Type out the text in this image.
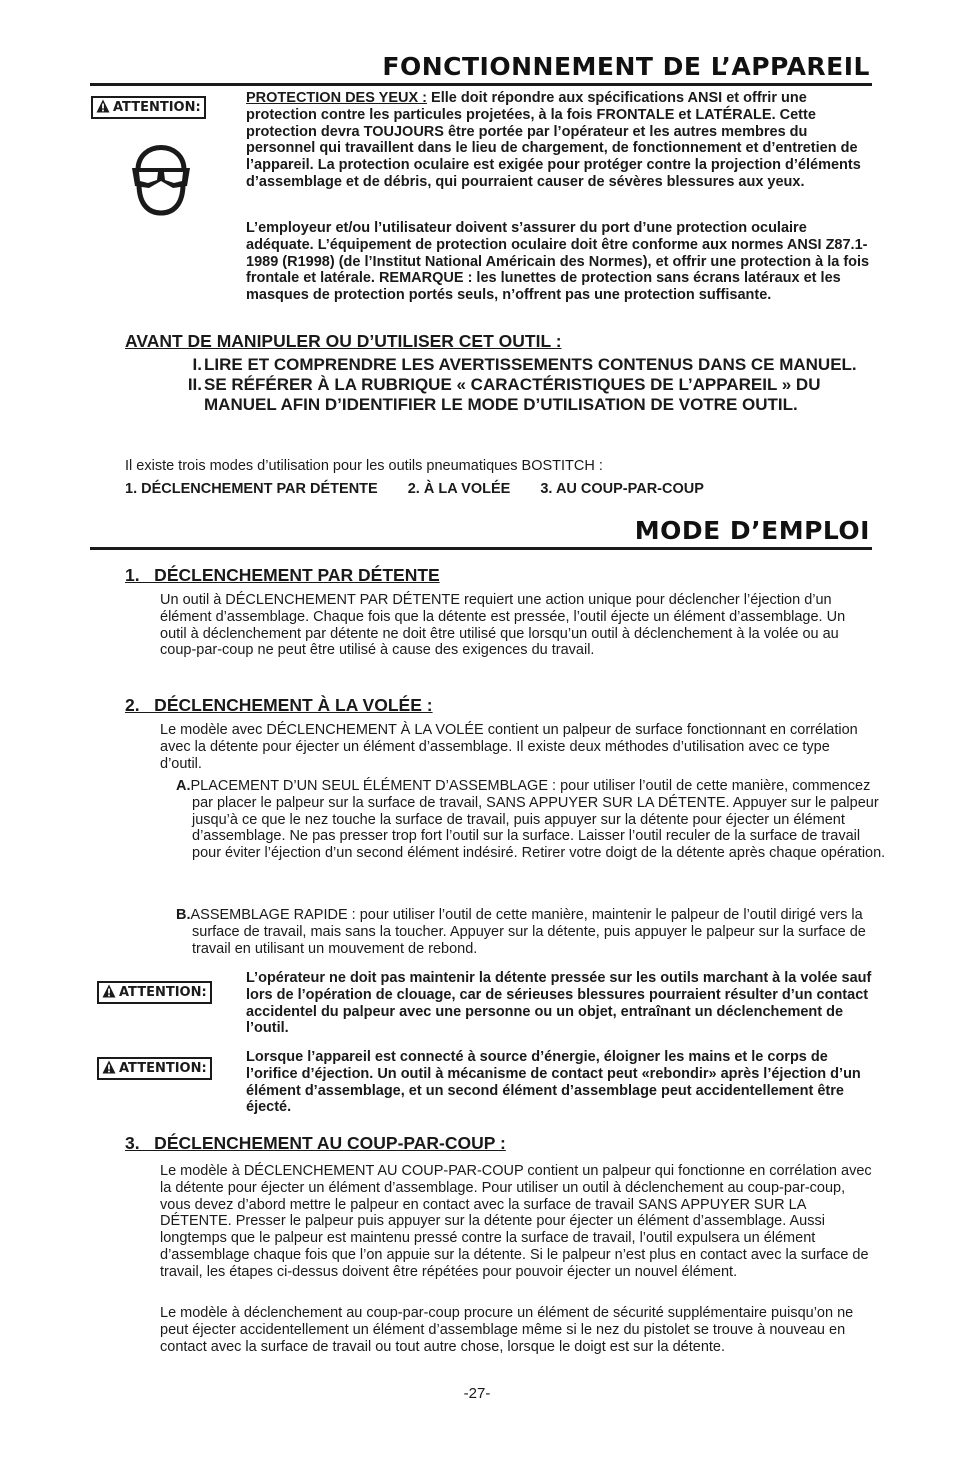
FONCTIONNEMENT DE L’APPAREIL
ATTENTION:

PROTECTION DES YEUX : Elle doit répondre aux spécifications ANSI et offrir une protection contre les particules projetées, à la fois FRONTALE et LATÉRALE. Cette protection devra TOUJOURS être portée par l’opérateur et les autres membres du personnel qui travaillent dans le lieu de chargement, de fonctionnement et d’entretien de l’appareil. La protection oculaire est exigée pour protéger contre la projection d’éléments d’assemblage et de débris, qui pourraient causer de sévères blessures aux yeux.

L’employeur et/ou l’utilisateur doivent s’assurer du port d’une protection oculaire adéquate. L’équipement de protection oculaire doit être conforme aux normes ANSI Z87.1-1989 (R1998) (de l’Institut National Américain des Normes), et offrir une protection à la fois frontale et latérale. REMARQUE : les lunettes de protection sans écrans latéraux et les masques de protection portés seuls, n’offrent pas une protection suffisante.

AVANT DE MANIPULER OU D’UTILISER CET OUTIL :

I. LIRE ET COMPRENDRE LES AVERTISSEMENTS CONTENUS DANS CE MANUEL.
II. SE RÉFÉRER À LA RUBRIQUE « CARACTÉRISTIQUES DE L’APPAREIL » DU MANUEL AFIN D’IDENTIFIER LE MODE D’UTILISATION DE VOTRE OUTIL.

Il existe trois modes d’utilisation pour les outils pneumatiques BOSTITCH :

1. DÉCLENCHEMENT PAR DÉTENTE 2. À LA VOLÉE 3. AU COUP-PAR-COUP
MODE D’EMPLOI

1.   DÉCLENCHEMENT PAR DÉTENTE

Un outil à DÉCLENCHEMENT PAR DÉTENTE requiert une action unique pour déclencher l’éjection d’un élément d’assemblage. Chaque fois que la détente est pressée, l’outil éjecte un élément d’assemblage. Un outil à déclenchement par détente ne doit être utilisé que lorsqu’un outil à déclenchement à la volée ou au coup-par-coup ne peut être utilisé à cause des exigences du travail.

2.   DÉCLENCHEMENT À LA VOLÉE :

Le modèle avec DÉCLENCHEMENT À LA VOLÉE contient un palpeur de surface fonctionnant en corrélation avec la détente pour éjecter un élément d’assemblage. Il existe deux méthodes d’utilisation avec ce type d’outil.

A.PLACEMENT D’UN SEUL ÉLÉMENT D’ASSEMBLAGE : pour utiliser l’outil de cette manière, commencez par placer le palpeur sur la surface de travail, SANS APPUYER SUR LA DÉTENTE. Appuyer sur le palpeur jusqu’à ce que le nez touche la surface de travail, puis appuyer sur la détente pour éjecter un élément d’assemblage. Ne pas presser trop fort l’outil sur la surface. Laisser l’outil reculer de la surface de travail pour éviter l’éjection d’un second élément indésiré. Retirer votre doigt de la détente après chaque opération.

B.ASSEMBLAGE RAPIDE : pour utiliser l’outil de cette manière, maintenir le palpeur de l’outil dirigé vers la surface de travail, mais sans la toucher. Appuyer sur la détente, puis appuyer le palpeur sur la surface de travail en utilisant un mouvement de rebond.

ATTENTION:

L’opérateur ne doit pas maintenir la détente pressée sur les outils marchant à la volée sauf lors de l’opération de clouage, car de sérieuses blessures pourraient résulter d’un contact accidentel du palpeur avec une personne ou un objet, entraînant un déclenchement de l’outil.

ATTENTION:

Lorsque l’appareil est connecté à source d’énergie, éloigner les mains et le corps de l’orifice d’éjection. Un outil à mécanisme de contact peut «rebondir» après l’éjection d’un élément d’assemblage, et un second élément d’assemblage peut accidentellement être éjecté.

3.   DÉCLENCHEMENT AU COUP-PAR-COUP :

Le modèle à DÉCLENCHEMENT AU COUP-PAR-COUP contient un palpeur qui fonctionne en corrélation avec la détente pour éjecter un élément d’assemblage. Pour utiliser un outil à déclenchement au coup-par-coup, vous devez d’abord mettre le palpeur en contact avec la surface de travail SANS APPUYER SUR LA DÉTENTE. Presser le palpeur puis appuyer sur la détente pour éjecter un élément d’assemblage. Aussi longtemps que le palpeur est maintenu pressé contre la surface de travail, l’outil expulsera un élément d’assemblage chaque fois que l’on appuie sur la détente. Si le palpeur n’est plus en contact avec la surface de travail, les étapes ci-dessus doivent être répétées pour pouvoir éjecter un nouvel élément.

Le modèle à déclenchement au coup-par-coup procure un élément de sécurité supplémentaire puisqu’on ne peut éjecter accidentellement un élément d’assemblage même si le nez du pistolet se trouve à nouveau en contact avec la surface de travail ou tout autre chose, lorsque le doigt est sur la détente.

-27-
